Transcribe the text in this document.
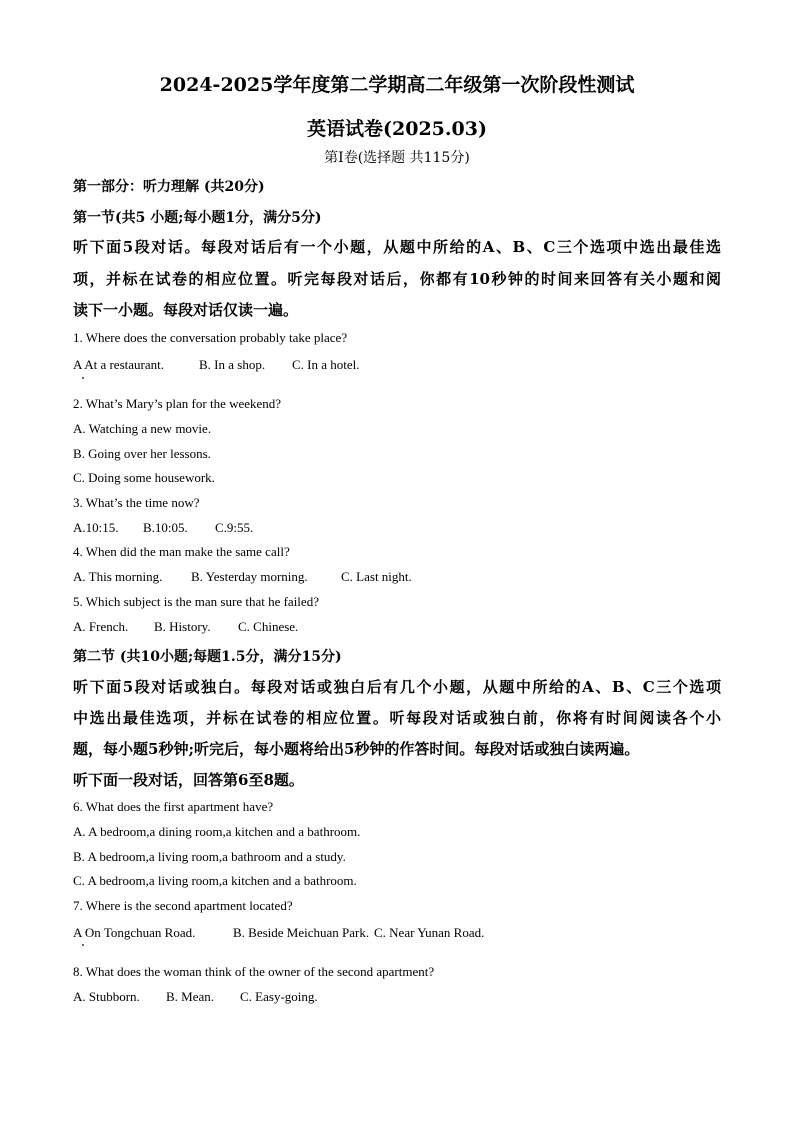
2024-2025学年度第二学期高二年级第一次阶段性测试
英语试卷(2025.03)
第Ⅰ卷(选择题 共115分)
第一部分：听力理解 (共20分)
第一节(共5 小题;每小题1分，满分5分)
听下面5段对话。每段对话后有一个小题，从题中所给的A、B、C三个选项中选出最佳选
项，并标在试卷的相应位置。听完每段对话后，你都有10秒钟的时间来回答有关小题和阅
读下一小题。每段对话仅读一遍。
1. Where does the conversation probably take place?
A At a restaurant.	B. In a shop. C. In a hotel.
2. What’s Mary’s plan for the weekend?
A. Watching a new movie.
B. Going over her lessons.
C. Doing some housework.
3. What’s the time now?
A.10:15. B.10:05. C.9:55.
4. When did the man make the same call?
A. This morning. B. Yesterday morning.	C. Last night.
5. Which subject is the man sure that he failed?
A. French. B. History. C. Chinese.
第二节 (共10小题;每题1.5分，满分15分)
听下面5段对话或独白。每段对话或独白后有几个小题，从题中所给的A、B、C三个选项
中选出最佳选项，并标在试卷的相应位置。听每段对话或独白前，你将有时间阅读各个小
题，每小题5秒钟;听完后，每小题将给出5秒钟的作答时间。每段对话或独白读两遍。
听下面一段对话，回答第6至8题。
6. What does the first apartment have?
A. A bedroom,a dining room,a kitchen and a bathroom.
B. A bedroom,a living room,a bathroom and a study.
C. A bedroom,a living room,a kitchen and a bathroom.
7. Where is the second apartment located?
A On Tongchuan Road.	B. Beside Meichuan Park. C. Near Yunan Road.
8. What does the woman think of the owner of the second apartment?
A. Stubborn. B. Mean. C. Easy-going.
